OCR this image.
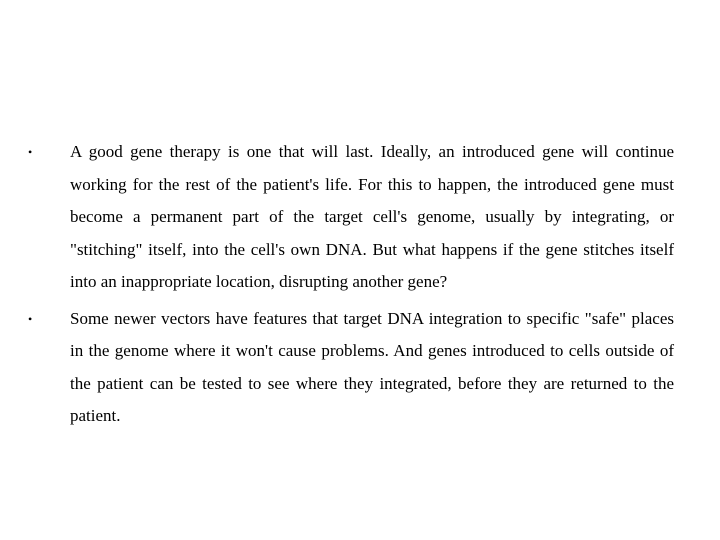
• A good gene therapy is one that will last. Ideally, an introduced gene will continue working for the rest of the patient's life. For this to happen, the introduced gene must become a permanent part of the target cell's genome, usually by integrating, or "stitching" itself, into the cell's own DNA. But what happens if the gene stitches itself into an inappropriate location, disrupting another gene?
• Some newer vectors have features that target DNA integration to specific "safe" places in the genome where it won't cause problems. And genes introduced to cells outside of the patient can be tested to see where they integrated, before they are returned to the patient.
